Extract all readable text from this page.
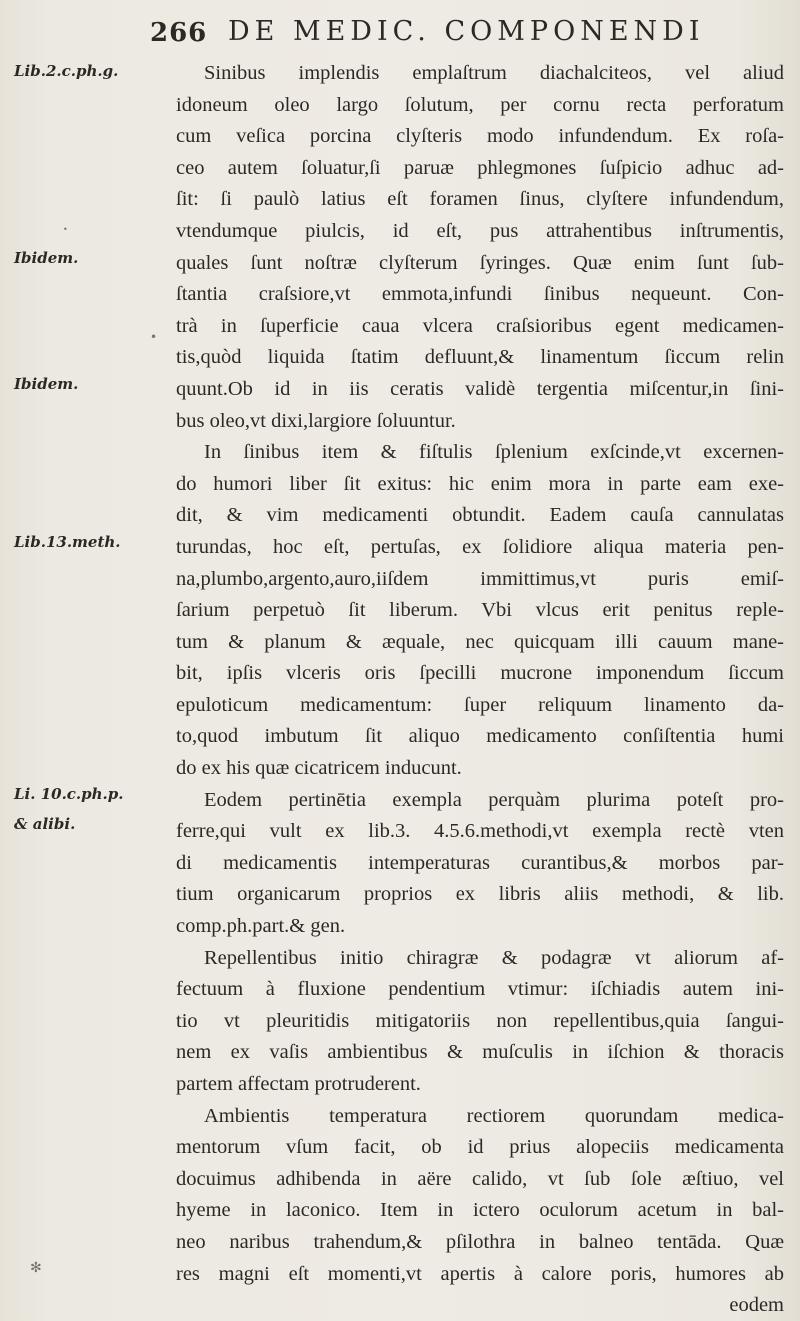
266 DE MEDIC. COMPONENDI
Lib.2.c.ph.g.
Ibidem.
Ibidem.
Lib.13.meth.
Li. 10.c.ph.p.
& alibi.
•
•
✻
Sinibus implendis emplaſtrum diachalciteos, vel aliud
idoneum oleo largo ſolutum, per cornu recta perforatum
cum veſica porcina clyſteris modo infundendum. Ex roſa-
ceo autem ſoluatur,ſi paruæ phlegmones ſuſpicio adhuc ad-
ſit: ſi paulò latius eſt foramen ſinus, clyſtere infundendum,
vtendumque piulcis, id eſt, pus attrahentibus inſtrumentis,
quales ſunt noſtræ clyſterum ſyringes. Quæ enim ſunt ſub-
ſtantia craſsiore,vt emmota,infundi ſinibus nequeunt. Con-
trà in ſuperficie caua vlcera craſsioribus egent medicamen-
tis,quòd liquida ſtatim defluunt,& linamentum ſiccum relin
quunt.Ob id in iis ceratis validè tergentia miſcentur,in ſini-
bus oleo,vt dixi,largiore ſoluuntur.
In ſinibus item & fiſtulis ſplenium exſcinde,vt excernen-
do humori liber ſit exitus: hic enim mora in parte eam exe-
dit, & vim medicamenti obtundit. Eadem cauſa cannulatas
turundas, hoc eſt, pertuſas, ex ſolidiore aliqua materia pen-
na,plumbo,argento,auro,iiſdem immittimus,vt puris emiſ-
ſarium perpetuò ſit liberum. Vbi vlcus erit penitus reple-
tum & planum & æquale, nec quicquam illi cauum mane-
bit, ipſis vlceris oris ſpecilli mucrone imponendum ſiccum
epuloticum medicamentum: ſuper reliquum linamento da-
to,quod imbutum ſit aliquo medicamento conſiſtentia humi
do ex his quæ cicatricem inducunt.
Eodem pertinētia exempla perquàm plurima poteſt pro-
ferre,qui vult ex lib.3. 4.5.6.methodi,vt exempla rectè vten
di medicamentis intemperaturas curantibus,& morbos par-
tium organicarum proprios ex libris aliis methodi, & lib.
comp.ph.part.& gen.
Repellentibus initio chiragræ & podagræ vt aliorum af-
fectuum à fluxione pendentium vtimur: iſchiadis autem ini-
tio vt pleuritidis mitigatoriis non repellentibus,quia ſangui-
nem ex vaſis ambientibus & muſculis in iſchion & thoracis
partem affectam protruderent.
Ambientis temperatura rectiorem quorundam medica-
mentorum vſum facit, ob id prius alopeciis medicamenta
docuimus adhibenda in aëre calido, vt ſub ſole æſtiuo, vel
hyeme in laconico. Item in ictero oculorum acetum in bal-
neo naribus trahendum,& pſilothra in balneo tentāda. Quæ
res magni eſt momenti,vt apertis à calore poris, humores ab
eodem
